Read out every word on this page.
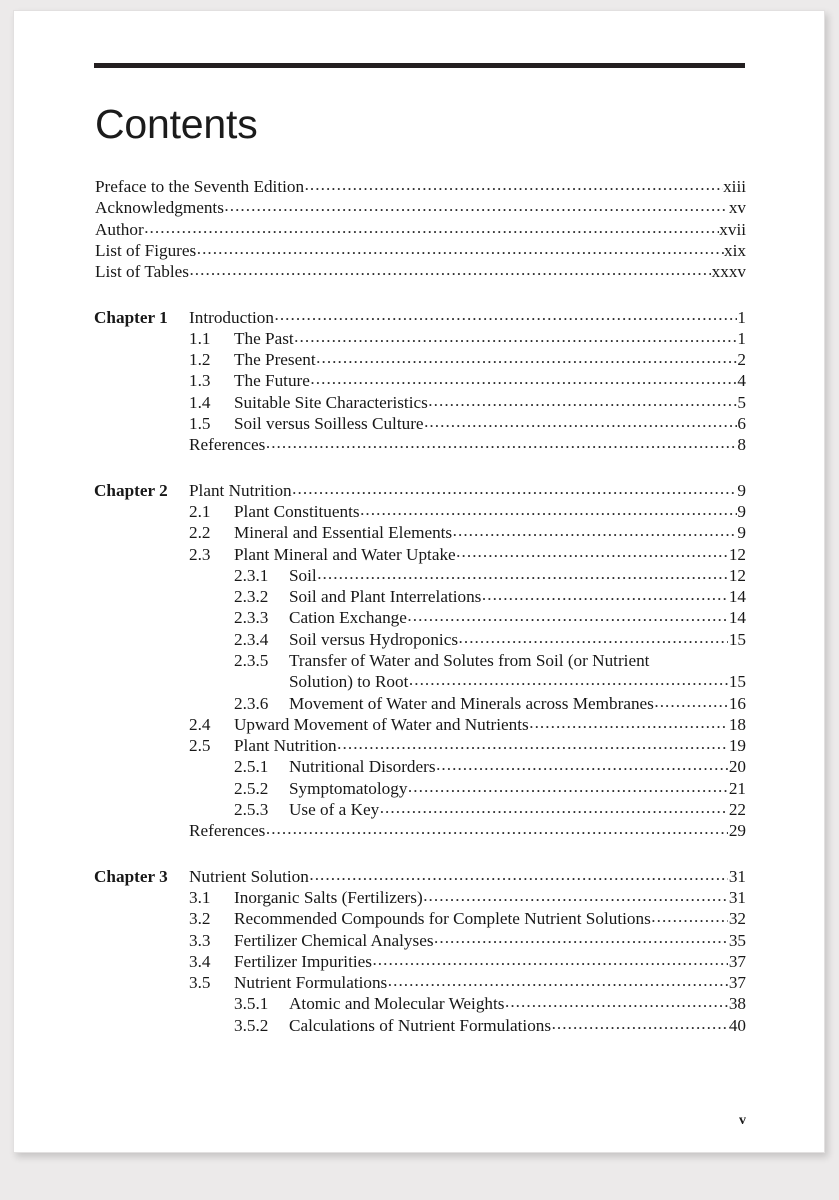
Contents
Preface to the Seventh Edition .....	xiii
Acknowledgments .....	xv
Author .....	xvii
List of Figures .....	xix
List of Tables .....	xxxv
Chapter 1	Introduction .....	1
1.1	The Past .....	1
1.2	The Present .....	2
1.3	The Future .....	4
1.4	Suitable Site Characteristics .....	5
1.5	Soil versus Soilless Culture .....	6
References .....	8
Chapter 2	Plant Nutrition .....	9
2.1	Plant Constituents .....	9
2.2	Mineral and Essential Elements .....	9
2.3	Plant Mineral and Water Uptake .....	12
2.3.1	Soil .....	12
2.3.2	Soil and Plant Interrelations .....	14
2.3.3	Cation Exchange .....	14
2.3.4	Soil versus Hydroponics .....	15
2.3.5	Transfer of Water and Solutes from Soil (or Nutrient
Solution) to Root .....	15
2.3.6	Movement of Water and Minerals across Membranes .....	16
2.4	Upward Movement of Water and Nutrients .....	18
2.5	Plant Nutrition .....	19
2.5.1	Nutritional Disorders .....	20
2.5.2	Symptomatology .....	21
2.5.3	Use of a Key .....	22
References .....	29
Chapter 3	Nutrient Solution .....	31
3.1	Inorganic Salts (Fertilizers) .....	31
3.2	Recommended Compounds for Complete Nutrient Solutions .....	32
3.3	Fertilizer Chemical Analyses .....	35
3.4	Fertilizer Impurities .....	37
3.5	Nutrient Formulations .....	37
3.5.1	Atomic and Molecular Weights .....	38
3.5.2	Calculations of Nutrient Formulations .....	40
v
